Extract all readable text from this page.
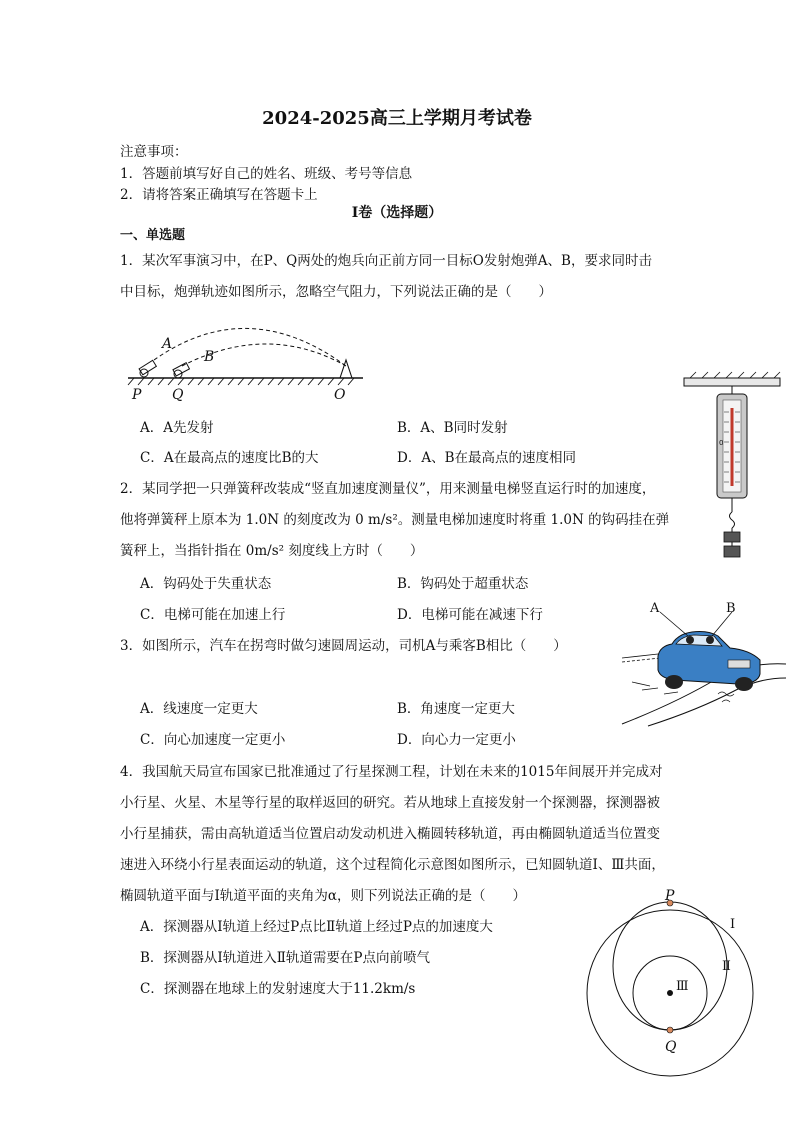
2024-2025高三上学期月考试卷
注意事项：
1．答题前填写好自己的姓名、班级、考号等信息
2．请将答案正确填写在答题卡上
I卷（选择题）
一、单选题
1．某次军事演习中，在P、Q两处的炮兵向正前方同一目标O发射炮弹A、B，要求同时击
中目标，炮弹轨迹如图所示，忽略空气阻力，下列说法正确的是（　　）
A
B
P Q	O
A．A先发射	B．A、B同时发射
C．A在最高点的速度比B的大	D．A、B在最高点的速度相同
0
2．某同学把一只弹簧秤改装成“竖直加速度测量仪”，用来测量电梯竖直运行时的加速度，
他将弹簧秤上原本为 1.0N 的刻度改为 0 m/s²。测量电梯加速度时将重 1.0N 的钩码挂在弹
簧秤上，当指针指在 0m/s² 刻度线上方时（　　）
A．钩码处于失重状态	B．钩码处于超重状态
C．电梯可能在加速上行	D．电梯可能在减速下行	A	B
3．如图所示，汽车在拐弯时做匀速圆周运动，司机A与乘客B相比（　　）
A．线速度一定更大	B．角速度一定更大
C．向心加速度一定更小	D．向心力一定更小
4．我国航天局宣布国家已批准通过了行星探测工程，计划在未来的1015年间展开并完成对
小行星、火星、木星等行星的取样返回的研究。若从地球上直接发射一个探测器，探测器被
小行星捕获，需由高轨道适当位置启动发动机进入椭圆转移轨道，再由椭圆轨道适当位置变
速进入环绕小行星表面运动的轨道，这个过程简化示意图如图所示，已知圆轨道Ⅰ、Ⅲ共面，
椭圆轨道平面与Ⅰ轨道平面的夹角为α，则下列说法正确的是（　　）
A．探测器从Ⅰ轨道上经过P点比Ⅱ轨道上经过P点的加速度大
B．探测器从Ⅰ轨道进入Ⅱ轨道需要在P点向前喷气
C．探测器在地球上的发射速度大于11.2km/s
P
Q
Ⅰ
Ⅱ
Ⅲ
